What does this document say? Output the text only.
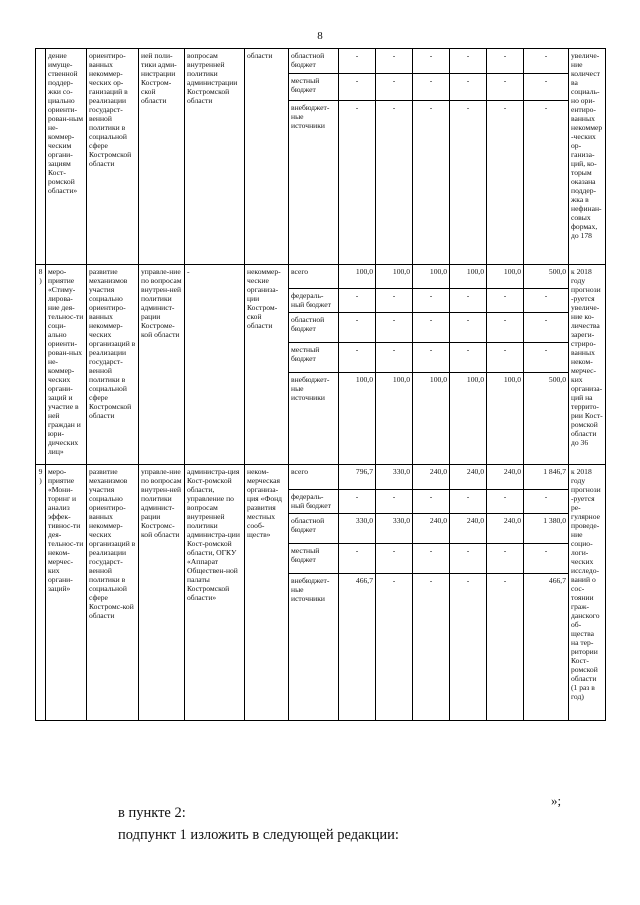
8
	дение имуще-ственной поддер-жки со-циально ориенти-рован-ным не-коммер-ческим органи-зациям Кост-ромской области»	ориентиро-ванных некоммер-ческих ор-ганизаций в реализации государст-венной политики в социальной сфере Костромской области	ией поли-тики адми-нистрации Костром-ской области	вопросам внутренней политики администрации Костромской области	области	областной бюджет	-	-	-	-	-	-	увеличе-ние количества социаль-но ори-ентиро-ванных некоммер-ческих ор-ганиза-ций, ко-торым оказана поддер-жка в нефинан-совых формах, до 178
						местный бюджет	-	-	-	-	-	-	
						внебюджет-ные источники	-	-	-	-	-	-	
8)	меро-приятие «Стиму-лирова-ние дея-тельнос-ти соци-ально ориенти-рован-ных не-коммер-ческих органи-заций и участие в ней граждан и юри-дических лиц»	развитие механизмов участия социально ориентиро-ванных некоммер-ческих организаций в реализации государст-венной политики в социальной сфере Костромской области	управле-ние по вопросам внутрен-ней политики админист-рации Костроме-кой области	-	некоммер-ческие организа-ции Костром-ской области	всего	100,0	100,0	100,0	100,0	100,0	500,0	к 2018 году прогнози-руется увеличе-ние ко-личества зареги-стриро-ванных неком-мерчес-ких организа-ций на террито-рии Кост-ромской области до 36
						федераль-ный бюджет	-	-	-	-	-	-	
						областной бюджет	-	-	-	-	-	-	
						местный бюджет	-	-	-	-	-	-	
						внебюджет-ные источники	100,0	100,0	100,0	100,0	100,0	500,0	
9)	меро-приятие «Мони-торинг и анализ эффек-тивнос-ти дея-тельнос-ти неком-мерчес-ких органи-заций»	развитие механизмов участия социально ориентиро-ванных некоммер-ческих организаций в реализации государст-венной политики в социальной сфере Костромс-кой области	управле-ние по вопросам внутрен-ней политики админист-рации Костромс-кой области	администра-ция Кост-ромской области, управление по вопросам внутренней политики администра-ции Кост-ромской области, ОГКУ «Аппарат Обществен-ной палаты Костромской области»	неком-мерческая организа-ция «Фонд развития местных сооб-ществ»	всего	796,7	330,0	240,0	240,0	240,0	1 846,7	к 2018 году прогнози-руется ре-гулярное проведе-ние социо-логи-ческих исследо-ваний о сос-тоянии граж-данского об-щества на тер-ритории Кост-ромской области (1 раз в год)
						федераль-ный бюджет	-	-	-	-	-	-	
						областной бюджет	330,0	330,0	240,0	240,0	240,0	1 380,0	
						местный бюджет	-	-	-	-	-	-	
						внебюджет-ные источники	466,7	-	-	-	-	466,7	
»;
в пункте 2:
подпункт 1 изложить в следующей редакции:
